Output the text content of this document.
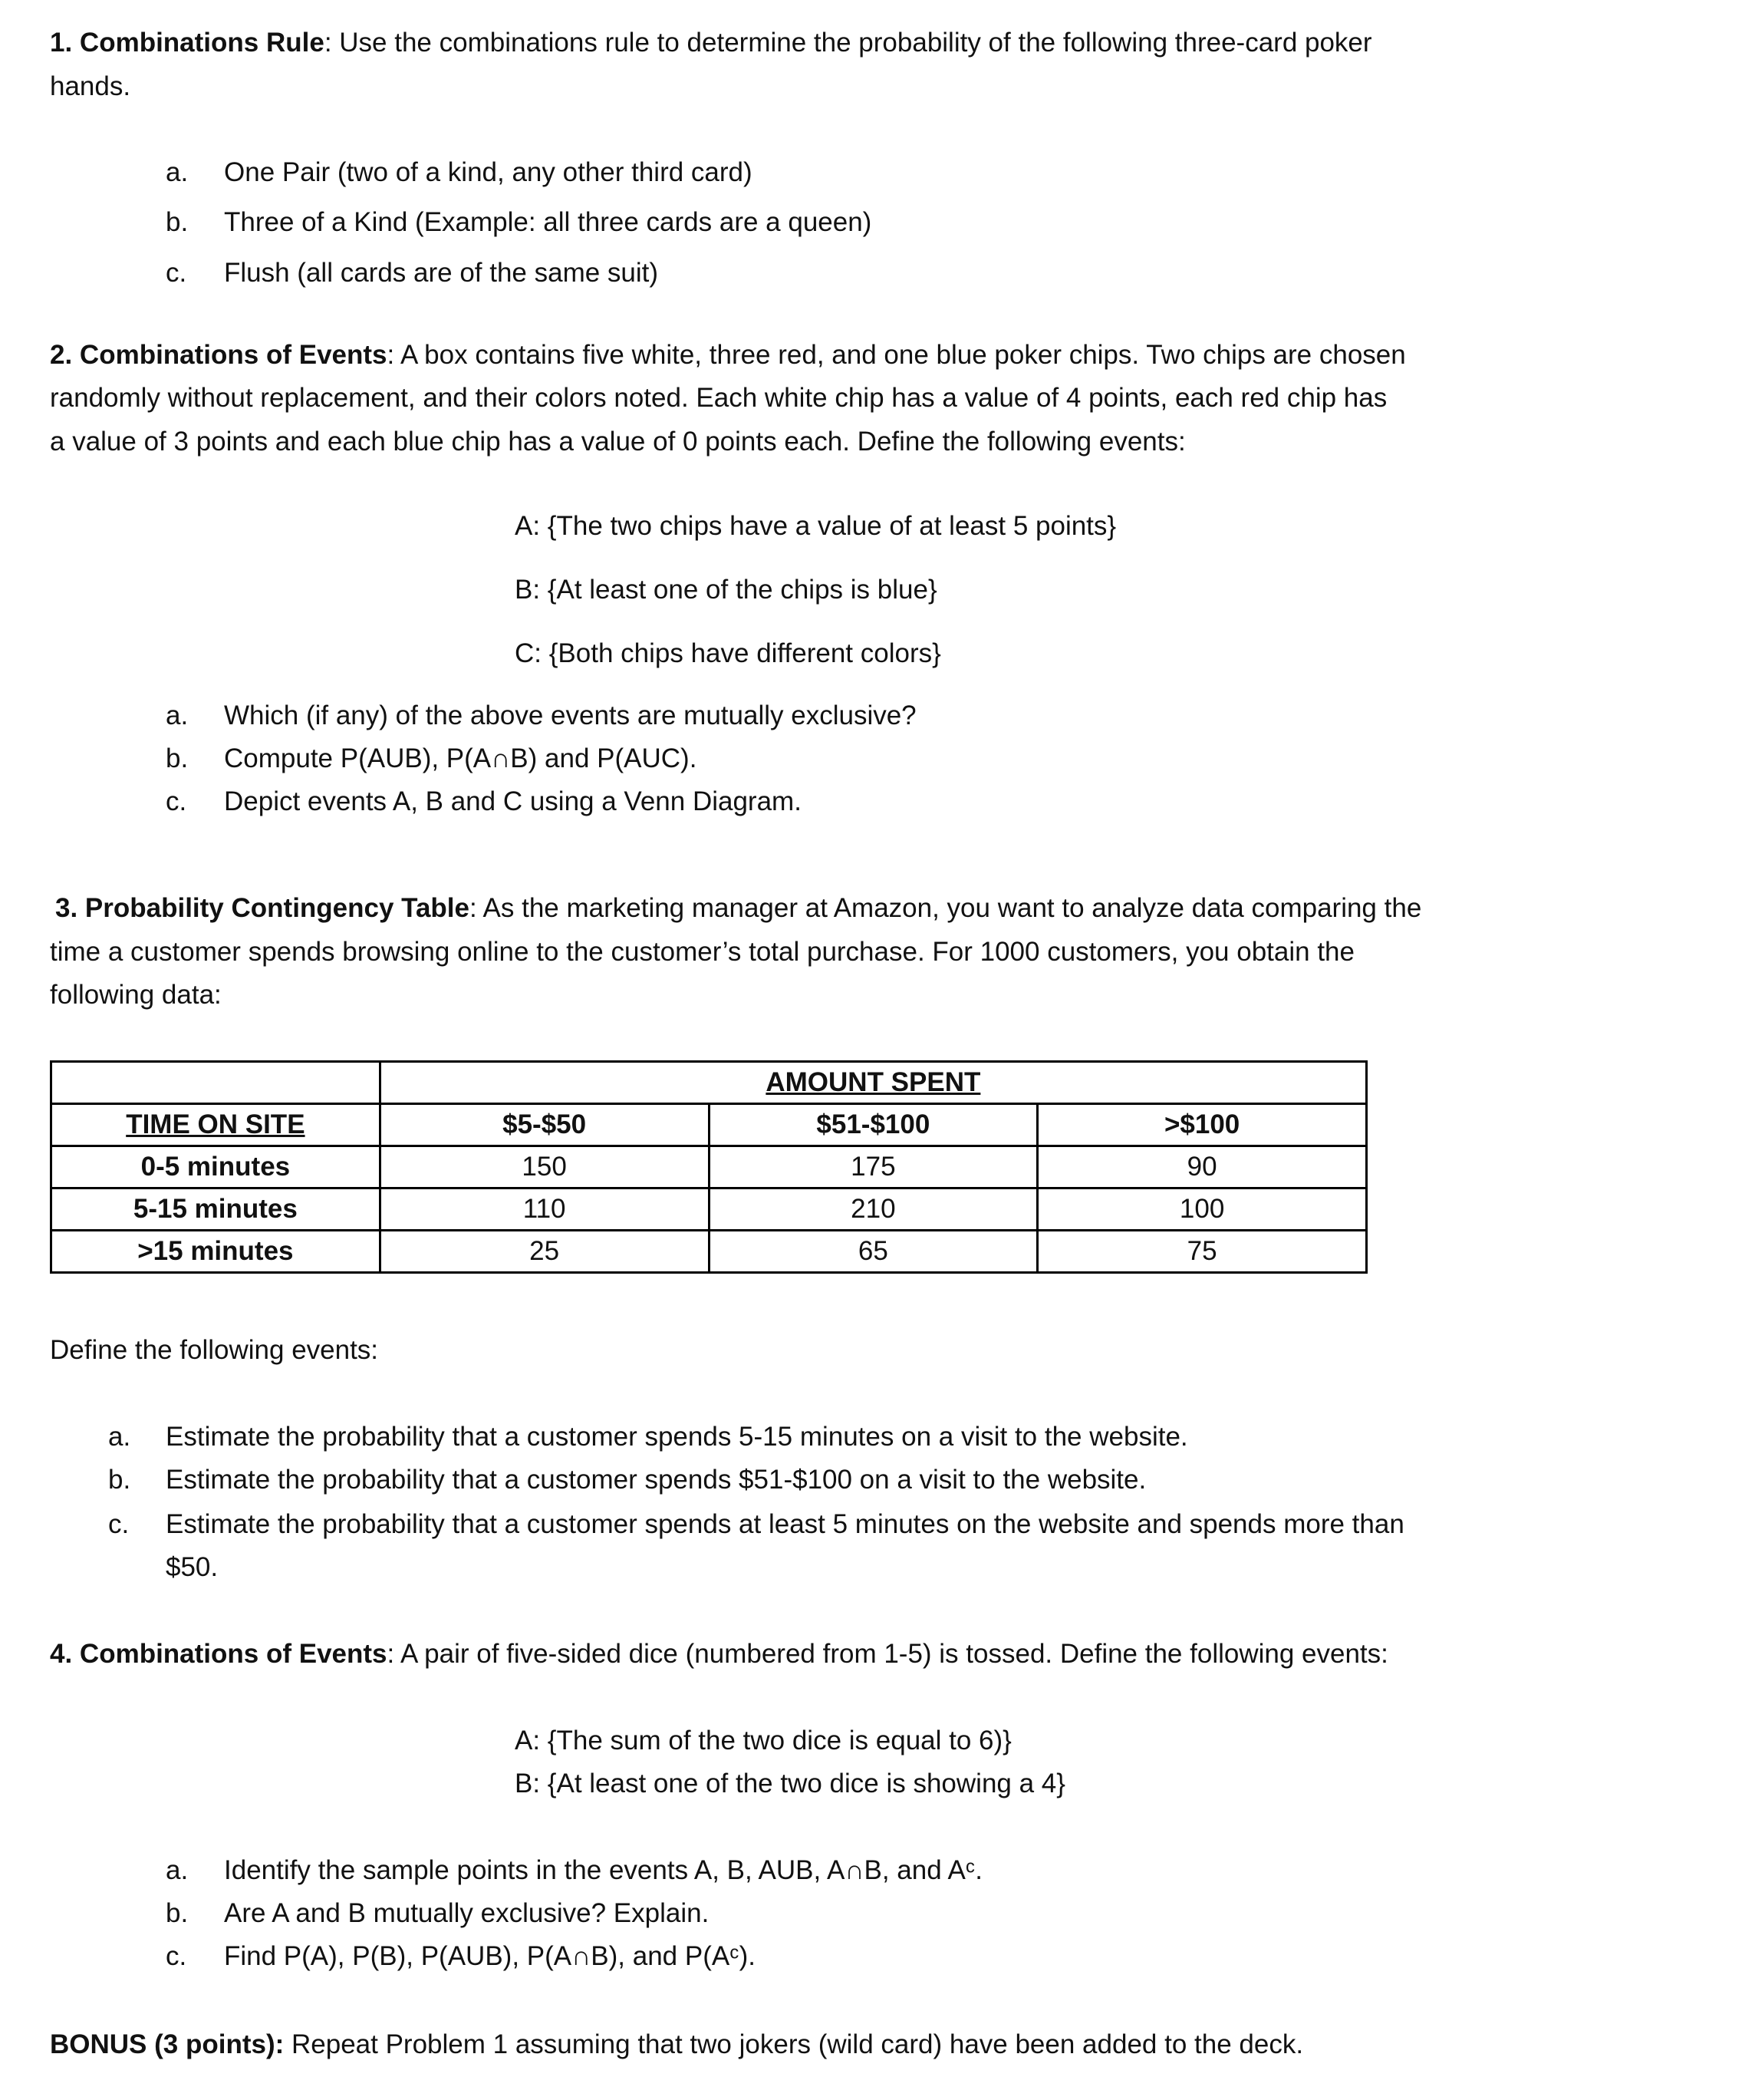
1. Combinations Rule: Use the combinations rule to determine the probability of the following three-card poker
hands.
a. One Pair (two of a kind, any other third card)
b. Three of a Kind (Example: all three cards are a queen)
c. Flush (all cards are of the same suit)
2. Combinations of Events: A box contains five white, three red, and one blue poker chips. Two chips are chosen
randomly without replacement, and their colors noted. Each white chip has a value of 4 points, each red chip has
a value of 3 points and each blue chip has a value of 0 points each. Define the following events:
A: {The two chips have a value of at least 5 points}
B: {At least one of the chips is blue}
C: {Both chips have different colors}
a. Which (if any) of the above events are mutually exclusive?
b. Compute P(AUB), P(A∩B) and P(AUC).
c. Depict events A, B and C using a Venn Diagram.
3. Probability Contingency Table: As the marketing manager at Amazon, you want to analyze data comparing the
time a customer spends browsing online to the customer’s total purchase. For 1000 customers, you obtain the
following data:
	AMOUNT SPENT		
TIME ON SITE	$5-$50	$51-$100	>$100
0-5 minutes	150	175	90
5-15 minutes	110	210	100
>15 minutes	25	65	75
Define the following events:
a. Estimate the probability that a customer spends 5-15 minutes on a visit to the website.
b. Estimate the probability that a customer spends $51-$100 on a visit to the website.
c. Estimate the probability that a customer spends at least 5 minutes on the website and spends more than
$50.
4. Combinations of Events: A pair of five-sided dice (numbered from 1-5) is tossed. Define the following events:
A: {The sum of the two dice is equal to 6)}
B: {At least one of the two dice is showing a 4}
a. Identify the sample points in the events A, B, AUB, A∩B, and Aᶜ.
b. Are A and B mutually exclusive? Explain.
c. Find P(A), P(B), P(AUB), P(A∩B), and P(Aᶜ).
BONUS (3 points): Repeat Problem 1 assuming that two jokers (wild card) have been added to the deck.
